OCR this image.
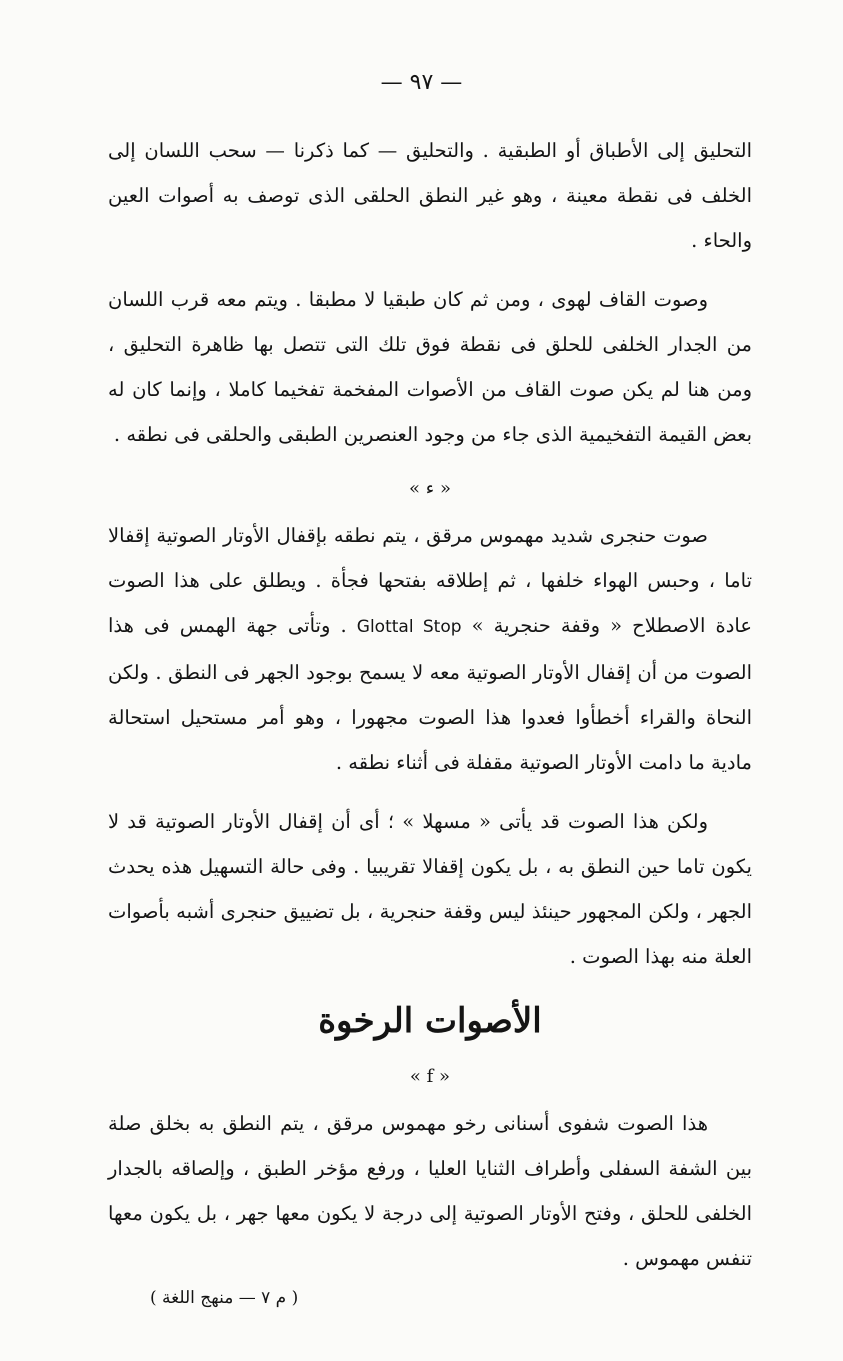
— ٩٧ —

التحليق إلى الأطباق أو الطبقية . والتحليق — كما ذكرنا — سحب اللسان إلى الخلف فى نقطة معينة ، وهو غير النطق الحلقى الذى توصف به أصوات العين والحاء .

وصوت القاف لهوى ، ومن ثم كان طبقيا لا مطبقا . ويتم معه قرب اللسان من الجدار الخلفى للحلق فى نقطة فوق تلك التى تتصل بها ظاهرة التحليق ، ومن هنا لم يكن صوت القاف من الأصوات المفخمة تفخيما كاملا ، وإنما كان له بعض القيمة التفخيمية الذى جاء من وجود العنصرين الطبقى والحلقى فى نطقه .

« ء »

صوت حنجرى شديد مهموس مرقق ، يتم نطقه بإقفال الأوتار الصوتية إقفالا تاما ، وحبس الهواء خلفها ، ثم إطلاقه بفتحها فجأة . ويطلق على هذا الصوت عادة الاصطلاح « وقفة حنجرية » Glottal Stop . وتأتى جهة الهمس فى هذا الصوت من أن إقفال الأوتار الصوتية معه لا يسمح بوجود الجهر فى النطق . ولكن النحاة والقراء أخطأوا فعدوا هذا الصوت مجهورا ، وهو أمر مستحيل استحالة مادية ما دامت الأوتار الصوتية مقفلة فى أثناء نطقه .

ولكن هذا الصوت قد يأتى « مسهلا » ؛ أى أن إقفال الأوتار الصوتية قد لا يكون تاما حين النطق به ، بل يكون إقفالا تقريبيا . وفى حالة التسهيل هذه يحدث الجهر ، ولكن المجهور حينئذ ليس وقفة حنجرية ، بل تضييق حنجرى أشبه بأصوات العلة منه بهذا الصوت .

الأصوات الرخوة

« f »

هذا الصوت شفوى أسنانى رخو مهموس مرقق ، يتم النطق به بخلق صلة بين الشفة السفلى وأطراف الثنايا العليا ، ورفع مؤخر الطبق ، وإلصاقه بالجدار الخلفى للحلق ، وفتح الأوتار الصوتية إلى درجة لا يكون معها جهر ، بل يكون معها تنفس مهموس .

( م ٧ — منهج اللغة )
